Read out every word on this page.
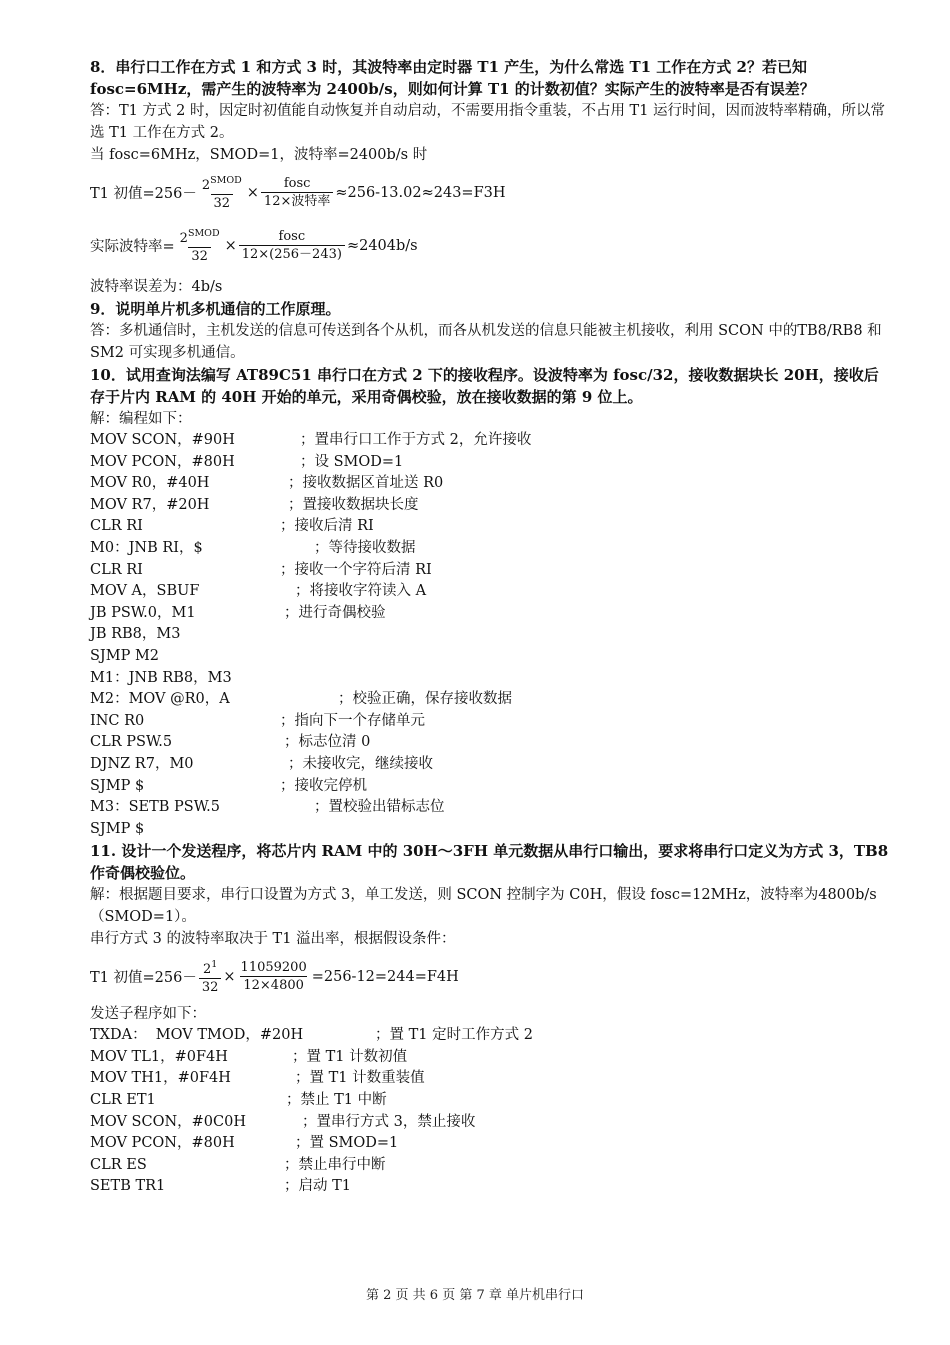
8．串行口工作在方式 1 和方式 3 时，其波特率由定时器 T1 产生，为什么常选 T1 工作在方式 2？若已知fosc=6MHz，需产生的波特率为 2400b/s，则如何计算 T1 的计数初值？实际产生的波特率是否有误差？

答：T1 方式 2 时，因定时初值能自动恢复并自动启动，不需要用指令重装，不占用 T1 运行时间，因而波特率精确，所以常选 T1 工作在方式 2。

当 fosc=6MHz，SMOD=1，波特率=2400b/s 时

T1 初值$=256- \frac{2^{SMOD}}{32} \times \frac{\text{fosc}}{\text{12×波特率}} \approx 256-13.02\approx 243=F3H$
实际波特率= $\frac{2^{SMOD}}{32} \times \frac{\text{fosc}}{12\times(256-243)} \approx 2404b/s$

波特率误差为：4b/s

9．说明单片机多机通信的工作原理。

答：多机通信时，主机发送的信息可传送到各个从机，而各从机发送的信息只能被主机接收，利用 SCON 中的TB8/RB8 和 SM2 可实现多机通信。

10．试用查询法编写 AT89C51 串行口在方式 2 下的接收程序。设波特率为 fosc/32，接收数据块长 20H，接收后存于片内 RAM 的 40H 开始的单元，采用奇偶校验，放在接收数据的第 9 位上。

解：编程如下：

MOV SCON，#90H	；置串行口工作于方式 2，允许接收
MOV PCON，#80H	；设 SMOD=1
MOV R0，#40H	；接收数据区首址送 R0
MOV R7，#20H	；置接收数据块长度
CLR RI	；接收后清 RI
M0：JNB RI，$	；等待接收数据
CLR RI	；接收一个字符后清 RI
MOV A，SBUF	；将接收字符读入 A
JB PSW.0，M1	；进行奇偶校验
JB RB8，M3
SJMP M2
M1：JNB RB8，M3
M2：MOV @R0，A	；校验正确，保存接收数据
INC R0	；指向下一个存储单元
CLR PSW.5	；标志位清 0
DJNZ R7，M0	；未接收完，继续接收
SJMP $	；接收完停机
M3：SETB PSW.5	；置校验出错标志位
SJMP $

11. 设计一个发送程序，将芯片内 RAM 中的 30H～3FH 单元数据从串行口输出，要求将串行口定义为方式 3，TB8 作奇偶校验位。

解：根据题目要求，串行口设置为方式 3，单工发送，则 SCON 控制字为 C0H，假设 fosc=12MHz，波特率为4800b/s（SMOD=1）。

串行方式 3 的波特率取决于 T1 溢出率，根据假设条件：

T1 初值$=256- \frac{2^1}{32} \times \frac{11059200}{12\times 4800} =256-12=244=F4H$

发送子程序如下：

TXDA：  MOV TMOD，#20H	；置 T1 定时工作方式 2
MOV TL1，#0F4H	；置 T1 计数初值
MOV TH1，#0F4H	；置 T1 计数重装值
CLR ET1	；禁止 T1 中断
MOV SCON，#0C0H	；置串行方式 3，禁止接收
MOV PCON，#80H	；置 SMOD=1
CLR ES	；禁止串行中断
SETB TR1	；启动 T1
第 2 页 共 6 页 第 7 章 单片机串行口
